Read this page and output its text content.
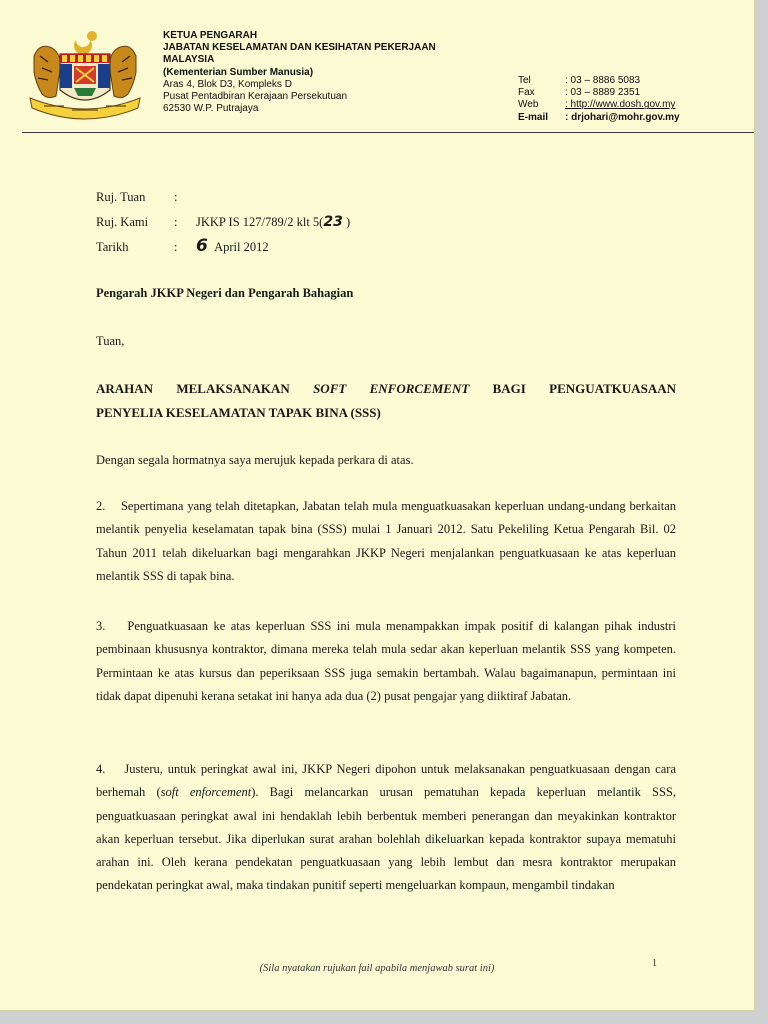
KETUA PENGARAH
JABATAN KESELAMATAN DAN KESIHATAN PEKERJAAN
MALAYSIA
(Kementerian Sumber Manusia)
Aras 4, Blok D3, Kompleks D
Pusat Pentadbiran Kerajaan Persekutuan
62530 W.P. Putrajaya
Tel	: 03 – 8886 5083
Fax	: 03 – 8889 2351
Web	: http://www.dosh.gov.my
E-mail	: drjohari@mohr.gov.my
Ruj. Tuan :
Ruj. Kami : JKKP IS 127/789/2 klt 5(23 )
Tarikh	: 6 April 2012
Pengarah JKKP Negeri dan Pengarah Bahagian
Tuan,
ARAHAN MELAKSANAKAN SOFT ENFORCEMENT BAGI PENGUATKUASAAN
PENYELIA KESELAMATAN TAPAK BINA (SSS)
Dengan segala hormatnya saya merujuk kepada perkara di atas.
2.    Sepertimana yang telah ditetapkan, Jabatan telah mula menguatkuasakan keperluan undang-undang berkaitan melantik penyelia keselamatan tapak bina (SSS) mulai 1 Januari 2012. Satu Pekeliling Ketua Pengarah Bil. 02 Tahun 2011 telah dikeluarkan bagi mengarahkan JKKP Negeri menjalankan penguatkuasaan ke atas keperluan melantik SSS di tapak bina.
3.    Penguatkuasaan ke atas keperluan SSS ini mula menampakkan impak positif di kalangan pihak industri pembinaan khususnya kontraktor, dimana mereka telah mula sedar akan keperluan melantik SSS yang kompeten. Permintaan ke atas kursus dan peperiksaan SSS juga semakin bertambah. Walau bagaimanapun, permintaan ini tidak dapat dipenuhi kerana setakat ini hanya ada dua (2) pusat pengajar yang diiktiraf Jabatan.
4.    Justeru, untuk peringkat awal ini, JKKP Negeri dipohon untuk melaksanakan penguatkuasaan dengan cara berhemah (soft enforcement). Bagi melancarkan urusan pematuhan kepada keperluan melantik SSS, penguatkuasaan peringkat awal ini hendaklah lebih berbentuk memberi penerangan dan meyakinkan kontraktor akan keperluan tersebut. Jika diperlukan surat arahan bolehlah dikeluarkan kepada kontraktor supaya mematuhi arahan ini. Oleh kerana pendekatan penguatkuasaan yang lebih lembut dan mesra kontraktor merupakan pendekatan peringkat awal, maka tindakan punitif seperti mengeluarkan kompaun, mengambil tindakan
(Sila nyatakan rujukan fail apabila menjawab surat ini)	1
